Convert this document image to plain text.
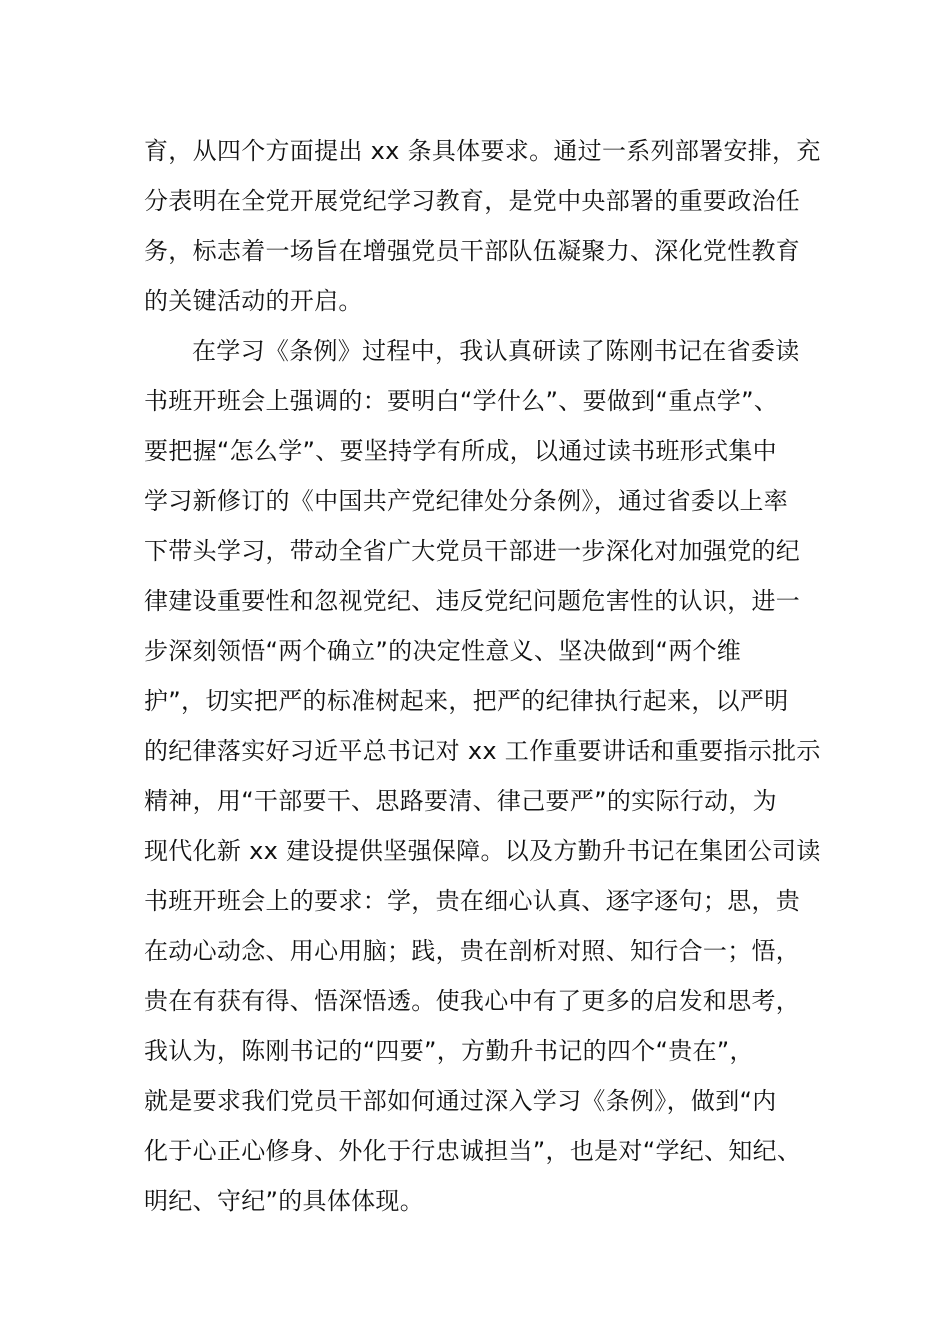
育，从四个方面提出 xx 条具体要求。通过一系列部署安排，充
分表明在全党开展党纪学习教育，是党中央部署的重要政治任
务，标志着一场旨在增强党员干部队伍凝聚力、深化党性教育
的关键活动的开启。
在学习《条例》过程中，我认真研读了陈刚书记在省委读
书班开班会上强调的：要明白“学什么”、要做到“重点学”、
要把握“怎么学”、要坚持学有所成，以通过读书班形式集中
学习新修订的《中国共产党纪律处分条例》，通过省委以上率
下带头学习，带动全省广大党员干部进一步深化对加强党的纪
律建设重要性和忽视党纪、违反党纪问题危害性的认识，进一
步深刻领悟“两个确立”的决定性意义、坚决做到“两个维
护”，切实把严的标准树起来，把严的纪律执行起来，以严明
的纪律落实好习近平总书记对 xx 工作重要讲话和重要指示批示
精神，用“干部要干、思路要清、律己要严”的实际行动，为
现代化新 xx 建设提供坚强保障。以及方勤升书记在集团公司读
书班开班会上的要求：学，贵在细心认真、逐字逐句；思，贵
在动心动念、用心用脑；践，贵在剖析对照、知行合一；悟，
贵在有获有得、悟深悟透。使我心中有了更多的启发和思考，
我认为，陈刚书记的“四要”，方勤升书记的四个“贵在”，
就是要求我们党员干部如何通过深入学习《条例》，做到“内
化于心正心修身、外化于行忠诚担当”，也是对“学纪、知纪、
明纪、守纪”的具体体现。
